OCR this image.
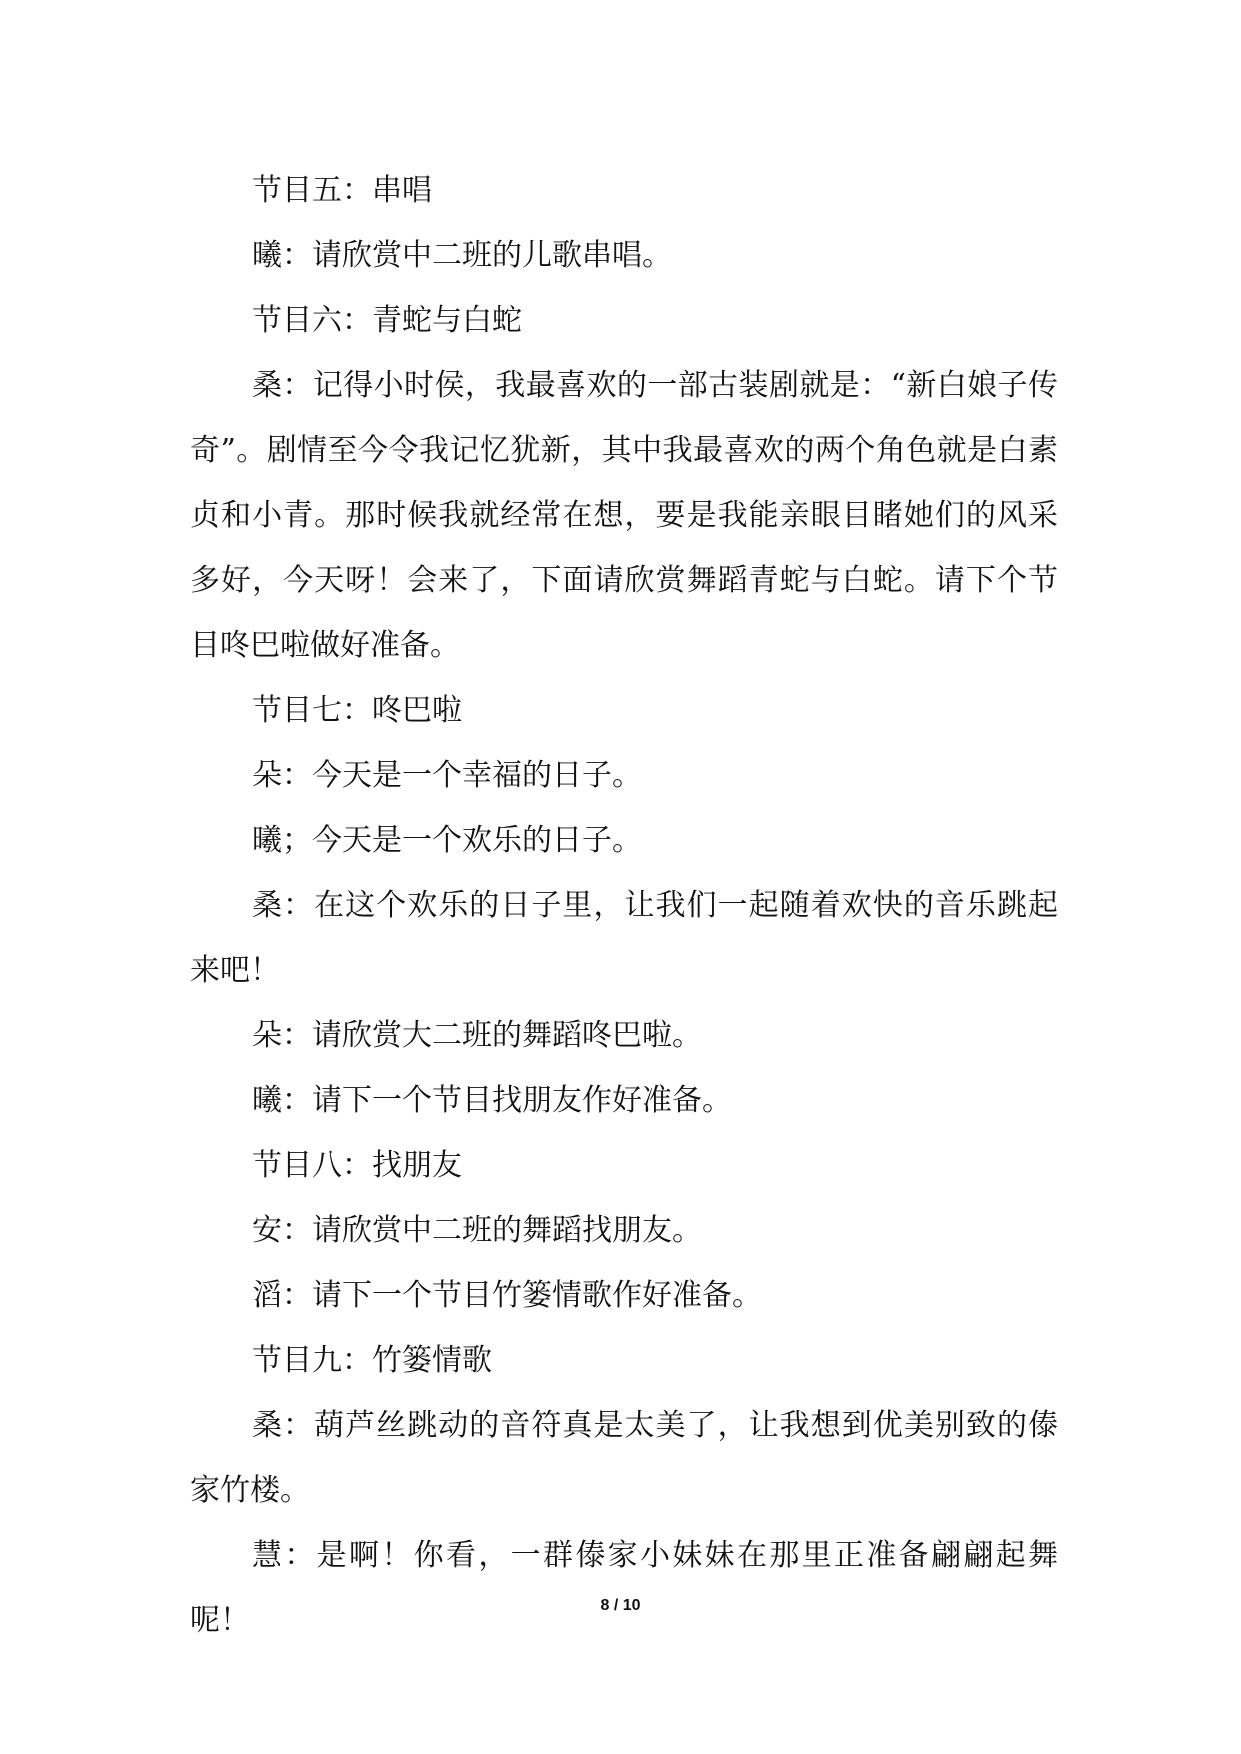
节目五：串唱

曦：请欣赏中二班的儿歌串唱。

节目六：青蛇与白蛇

桑：记得小时侯，我最喜欢的一部古装剧就是：“新白娘子传奇”。剧情至今令我记忆犹新，其中我最喜欢的两个角色就是白素贞和小青。那时候我就经常在想，要是我能亲眼目睹她们的风采多好，今天呀！会来了，下面请欣赏舞蹈青蛇与白蛇。请下个节目咚巴啦做好准备。

节目七：咚巴啦

朵：今天是一个幸福的日子。

曦；今天是一个欢乐的日子。

桑：在这个欢乐的日子里，让我们一起随着欢快的音乐跳起来吧！

朵：请欣赏大二班的舞蹈咚巴啦。

曦：请下一个节目找朋友作好准备。

节目八：找朋友

安：请欣赏中二班的舞蹈找朋友。

滔：请下一个节目竹篓情歌作好准备。

节目九：竹篓情歌

桑：葫芦丝跳动的音符真是太美了，让我想到优美别致的傣家竹楼。

慧：是啊！你看，一群傣家小妹妹在那里正准备翩翩起舞呢！	8 / 10
